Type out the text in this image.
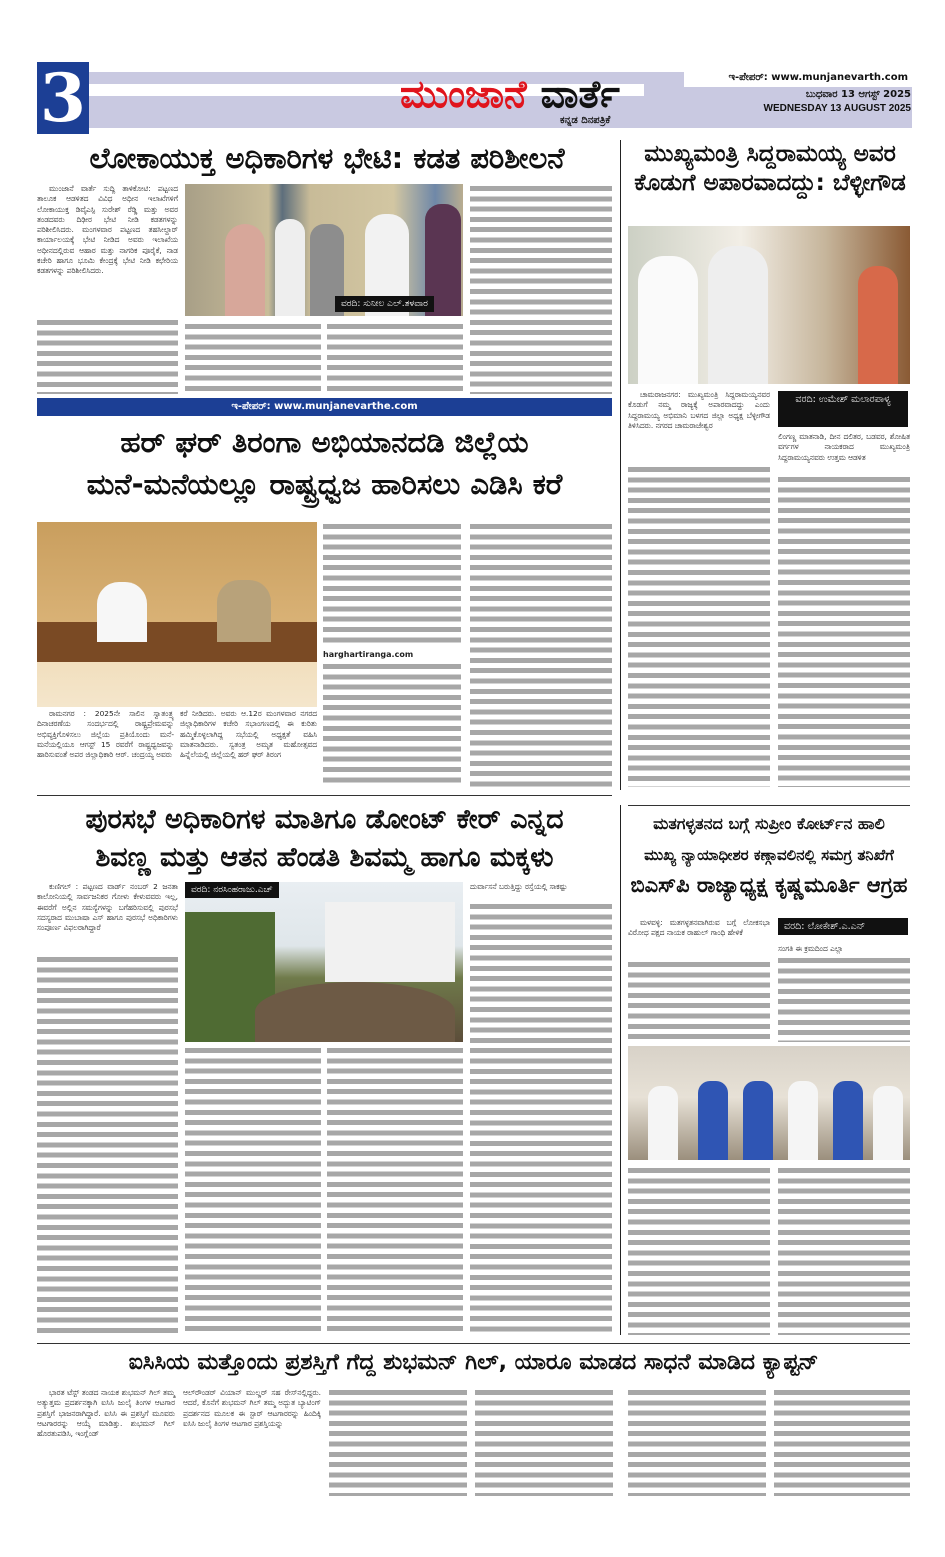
3	ಮುಂಜಾನೆ ವಾರ್ತೆ
ಕನ್ನಡ ದಿನಪತ್ರಿಕೆ
ಇ-ಪೇಪರ್: www.munjanevarth.com
ಬುಧವಾರ 13 ಆಗಸ್ಟ್ 2025
WEDNESDAY 13 AUGUST 2025
ಲೋಕಾಯುಕ್ತ ಅಧಿಕಾರಿಗಳ ಭೇಟಿ: ಕಡತ ಪರಿಶೀಲನೆ
ಮುಂಜಾನೆ ವಾರ್ತೆ ಸುದ್ದಿ ತಾಳಿಕೋಟಿ: ಪಟ್ಟಣದ ತಾಲೂಕ ಆಡಳಿತದ ವಿವಿಧ ಅಧೀನ ಇಲಾಖೆಗಳಿಗೆ ಲೋಕಾಯುಕ್ತ ಡಿವೈಎಸ್ಪಿ ಸುರೇಶ್ ರೆಡ್ಡಿ ಮತ್ತು ಅವರ ತಂಡದವರು ದಿಢೀರ ಭೇಟಿ ನೀಡಿ ಕಡತಗಳನ್ನು ಪರಿಶೀಲಿಸಿದರು. ಮಂಗಳವಾರ ಪಟ್ಟಣದ ತಹಸೀಲ್ದಾರ್ ಕಾರ್ಯಾಲಯಕ್ಕೆ ಭೇಟಿ ನೀಡಿದ ಅವರು ಇಲಾಖೆಯ ಅಧೀನದಲ್ಲಿರುವ ಆಹಾರ ಮತ್ತು ನಾಗರಿಕ ಪೂರೈಕೆ, ನಾಡ ಕಚೇರಿ ಹಾಗೂ ಭೂಮಿ ಕೇಂದ್ರಕ್ಕೆ ಭೇಟಿ ನೀಡಿ ಕಛೇರಿಯ ಕಡತಗಳನ್ನು ಪರಿಶೀಲಿಸಿದರು.
ವರದಿ: ಸುನೀಲ ಎಲ್.ತಳವಾರ
ಇ-ಪೇಪರ್: www.munjanevarthe.com
ಹರ್ ಘರ್ ತಿರಂಗಾ ಅಭಿಯಾನದಡಿ ಜಿಲ್ಲೆಯ
ಮನೆ-ಮನೆಯಲ್ಲೂ ರಾಷ್ಟ್ರಧ್ವಜ ಹಾರಿಸಲು ಎಡಿಸಿ ಕರೆ
ರಾಮನಗರ : 2025ನೇ ಸಾಲಿನ ಸ್ವಾತಂತ್ರ್ಯ ದಿನಾಚರಣೆಯ ಸಂದರ್ಭದಲ್ಲಿ ರಾಷ್ಟ್ರಪ್ರೇಮವನ್ನು ಅಭಿವ್ಯಕ್ತಿಗೊಳಿಸಲು ಜಿಲ್ಲೆಯ ಪ್ರತಿಯೊಂದು ಮನೆ-ಮನೆಯಲ್ಲಿಯೂ ಆಗಸ್ಟ್ 15 ರವರೆಗೆ ರಾಷ್ಟ್ರಧ್ವಜವನ್ನು ಹಾರಿಸುವಂತೆ ಅಪರ ಜಿಲ್ಲಾಧಿಕಾರಿ ಆರ್. ಚಂದ್ರಯ್ಯ ಅವರು
ಕರೆ ನೀಡಿದರು. ಅವರು ಆ.12ರ ಮಂಗಳವಾರ ನಗರದ ಜಿಲ್ಲಾಧಿಕಾರಿಗಳ ಕಚೇರಿ ಸಭಾಂಗಣದಲ್ಲಿ ಈ ಕುರಿತು ಹಮ್ಮಿಕೊಳ್ಳಲಾಗಿದ್ದ ಸಭೆಯಲ್ಲಿ ಅಧ್ಯಕ್ಷತೆ ವಹಿಸಿ ಮಾತನಾಡಿದರು. ಸ್ವತಂತ್ರ ಅಮೃತ ಮಹೋತ್ಸವದ ಹಿನ್ನೆಲೆಯಲ್ಲಿ ಜಿಲ್ಲೆಯಲ್ಲಿ ಹರ್ ಘರ್ ತಿರಂಗ
harghartiranga.com
ಮುಖ್ಯಮಂತ್ರಿ ಸಿದ್ದರಾಮಯ್ಯ ಅವರ ಕೊಡುಗೆ ಅಪಾರವಾದದ್ದು: ಬೆಳ್ಳೀಗೌಡ
ಚಾಮರಾಜನಗರ: ಮುಖ್ಯಮಂತ್ರಿ ಸಿದ್ದರಾಮಯ್ಯನವರ ಕೊಡುಗೆ ನಮ್ಮ ರಾಜ್ಯಕ್ಕೆ ಅಪಾರವಾದದ್ದು ಎಂದು ಸಿದ್ದರಾಮಯ್ಯ ಅಭಿಮಾನಿ ಬಳಗದ ಜಿಲ್ಲಾ ಅಧ್ಯಕ್ಷ ಬೆಳ್ಳೀಗೌಡ ತಿಳಿಸಿದರು. ನಗರದ ಚಾಮರಾಜೇಶ್ವರ
ವರದಿ: ಉಮೇಶ್ ಮಲಾರಪಾಳ್ಯ
ಲಿಂಗಣ್ಣ ಮಾತನಾಡಿ, ದೀನ ದಲಿತರ, ಬಡವರ, ಶೋಷಿತ ವರ್ಗಗಳ ನಾಯಕರಾದ ಮುಖ್ಯಮಂತ್ರಿ ಸಿದ್ದರಾಮಯ್ಯನವರು ಉತ್ತಮ ಆಡಳಿತ
ಪುರಸಭೆ ಅಧಿಕಾರಿಗಳ ಮಾತಿಗೂ ಡೋಂಟ್ ಕೇರ್ ಎನ್ನದ
ಶಿವಣ್ಣ ಮತ್ತು ಆತನ ಹೆಂಡತಿ ಶಿವಮ್ಮ ಹಾಗೂ ಮಕ್ಕಳು
ಕುಣಿಗಲ್ : ಪಟ್ಟಣದ ವಾರ್ಡ್ ನಂಬರ್ 2 ಜನತಾ ಕಾಲೋನಿಯಲ್ಲಿ ಸಾರ್ವಜನಿಕರ ಗೋಳು ಕೇಳುವವರು ಇಲ್ಲ, ಈವರೆಗೆ ಅಲ್ಲಿನ ಸಮಸ್ಯೆಗಳನ್ನು ಬಗೆಹರಿಸುವಲ್ಲಿ ಪುರಸಭೆ ಸದಸ್ಯರಾದ ಮುಬಾಷಾ ಎಸ್ ಹಾಗೂ ಪುರಸಭೆ ಅಧಿಕಾರಿಗಳು ಸಂಪೂರ್ಣ ವಿಫಲರಾಗಿದ್ದಾರೆ
ವರದಿ: ನರಸಿಂಹರಾಜು.ಎಚ್	ದುರ್ವಾಸನೆ ಬರುತ್ತಿದ್ದು ರಸ್ತೆಯಲ್ಲಿ ಸಾಕಷ್ಟು
ಮತಗಳ್ಳತನದ ಬಗ್ಗೆ ಸುಪ್ರೀಂ ಕೋರ್ಟ್‌ನ ಹಾಲಿ
ಮುಖ್ಯ ನ್ಯಾಯಾಧೀಶರ ಕಣ್ಗಾವಲಿನಲ್ಲಿ ಸಮಗ್ರ ತನಿಖೆಗೆ
ಬಿಎಸ್‌ಪಿ ರಾಜ್ಯಾಧ್ಯಕ್ಷ ಕೃಷ್ಣಮೂರ್ತಿ ಆಗ್ರಹ
ಮಳವಳ್ಳಿ: ಮತಗಳ್ಳತನವಾಗಿರುವ ಬಗ್ಗೆ ಲೋಕಸಭಾ ವಿರೋಧ ಪಕ್ಷದ ನಾಯಕ ರಾಹುಲ್ ಗಾಂಧಿ ಹೇಳಿಕೆ
ವರದಿ: ಲೋಕೇಶ್.ಎ.ಎನ್
ಸಂಗತಿ ಈ ಕ್ರಮದಿಂದ ಎಲ್ಲಾ
ಐಸಿಸಿಯ ಮತ್ತೊಂದು ಪ್ರಶಸ್ತಿಗೆ ಗೆದ್ದ ಶುಭಮನ್ ಗಿಲ್, ಯಾರೂ ಮಾಡದ ಸಾಧನೆ ಮಾಡಿದ ಕ್ಯಾಪ್ಟನ್
ಭಾರತ ಟೆಸ್ಟ್ ತಂಡದ ನಾಯಕ ಶುಭಮನ್ ಗಿಲ್ ತಮ್ಮ ಅತ್ಯುತ್ತಮ ಪ್ರದರ್ಶನಕ್ಕಾಗಿ ಐಸಿಸಿ ಜುಲೈ ತಿಂಗಳ ಆಟಗಾರ ಪ್ರಶಸ್ತಿಗೆ ಭಾಜನರಾಗಿದ್ದಾರೆ. ಐಸಿಸಿ ಈ ಪ್ರಶಸ್ತಿಗೆ ಮೂವರು ಆಟಗಾರರನ್ನು ಆಯ್ಕೆ ಮಾಡಿತ್ತು. ಶುಭಮನ್ ಗಿಲ್ ಹೊರತುಪಡಿಸಿ, ಇಂಗ್ಲೆಂಡ್
ಆಲ್‌ರೌಂಡರ್ ವಿಯಾನ್ ಮುಲ್ಡರ್ ಸಹ ರೇಸ್‌ನಲ್ಲಿದ್ದರು. ಆದರೆ, ಕೊನೆಗೆ ಶುಭಮನ್ ಗಿಲ್ ತಮ್ಮ ಅದ್ಭುತ ಬ್ಯಾಟಿಂಗ್ ಪ್ರದರ್ಶನದ ಮೂಲಕ ಈ ಸ್ಟಾರ್ ಆಟಗಾರರನ್ನು ಹಿಂದಿಕ್ಕಿ ಐಸಿಸಿ ಜುಲೈ ತಿಂಗಳ ಆಟಗಾರ ಪ್ರಶಸ್ತಿಯನ್ನು
